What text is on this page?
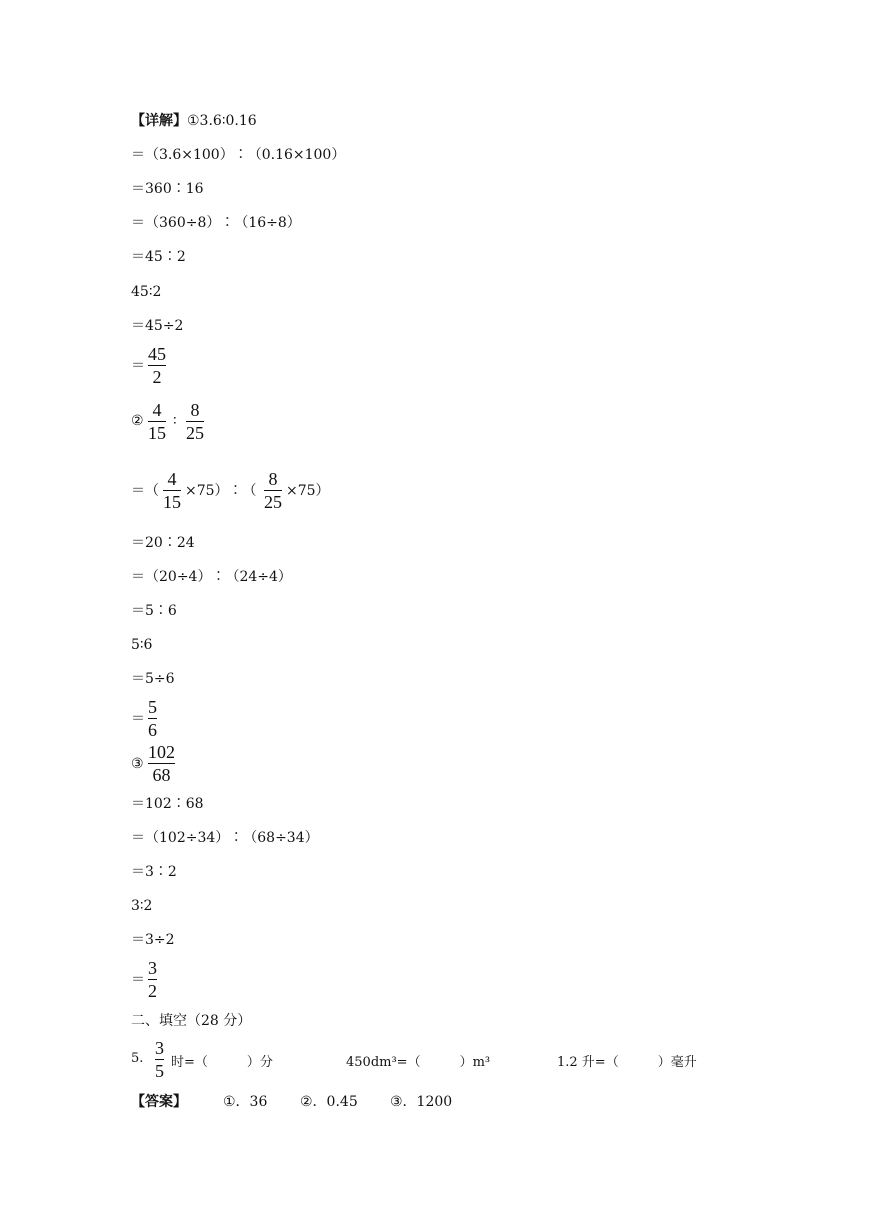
【详解】①3.6∶0.16
＝（3.6×100）∶（0.16×100）
＝360∶16
＝（360÷8）∶（16÷8）
＝45∶2
45∶2
＝45÷2
＝
45
2
②
4
15
∶
8
25
＝（
4
15
×75）∶（
8
25
×75）
＝20∶24
＝（20÷4）∶（24÷4）
＝5∶6
5∶6
＝5÷6
＝
5
6
③
102
68
＝102∶68
＝（102÷34）∶（68÷34）
＝3∶2
3∶2
＝3÷2
＝
3
2
二、填空（28 分）
5.
3
5 时=（　　　）分	450dm³=（　　　）m³	1.2 升=（　　　）毫升
【答案】	①．36 ②．0.45 ③．1200
